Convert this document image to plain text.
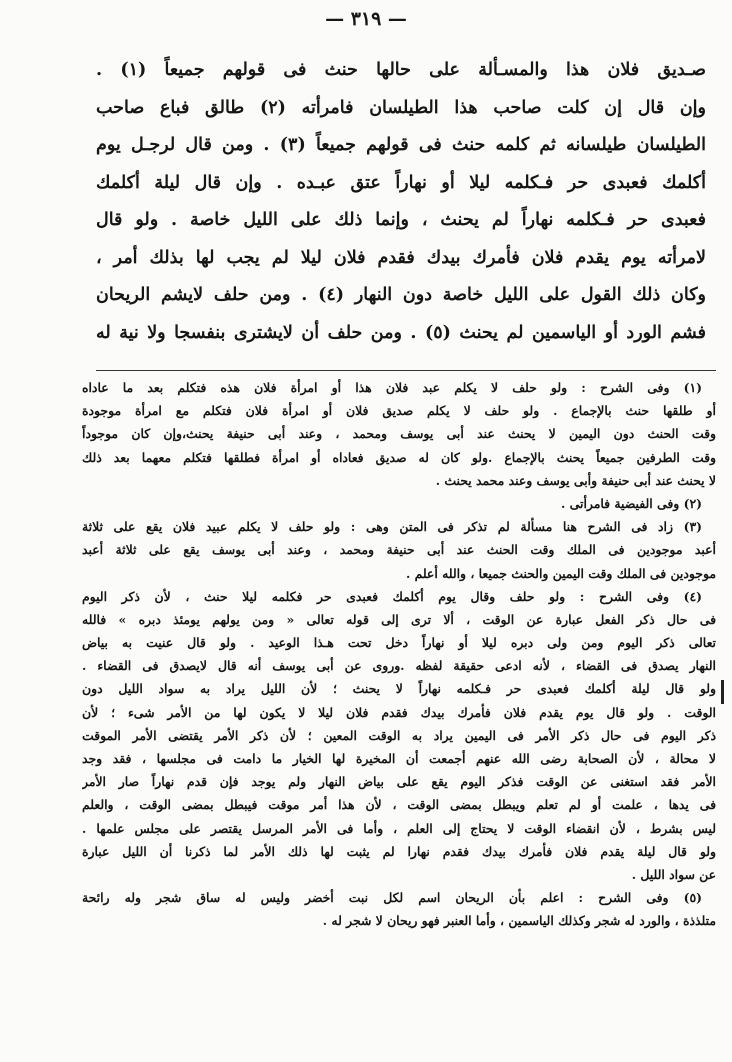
— ٣١٩ —
صـديق فلان هذا والمسـألة على حالها حنث فى قولهم جميعاً (١) .
وإن قال إن كلت صاحب هذا الطيلسان فامرأته (٢) طالق فباع صاحب
الطيلسان طيلسانه ثم كلمه حنث فى قولهم جميعاً (٣) . ومن قال لرجـل يوم
أكلمك فعبدى حر فـكلمه ليلا أو نهاراً عتق عبـده . وإن قال ليلة أكلمك
فعبدى حر فـكلمه نهاراً لم يحنث ، وإنما ذلك على الليل خاصة . ولو قال
لامرأته يوم يقدم فلان فأمرك بيدك فقدم فلان ليلا لم يجب لها بذلك أمر ،
وكان ذلك القول على الليل خاصة دون النهار (٤) . ومن حلف لايشم الريحان
فشم الورد أو الياسمين لم يحنث (٥) . ومن حلف أن لايشترى بنفسجا ولا نية له
(١) وفى الشرح : ولو حلف لا يكلم عبد فلان هذا أو امرأة فلان هذه فتكلم بعد ما عاداه
أو طلقها حنث بالإجماع . ولو حلف لا يكلم صديق فلان أو امرأة فلان فتكلم مع امرأة موجودة
وقت الحنث دون اليمين لا يحنث عند أبى يوسف ومحمد ، وعند أبى حنيفة يحنث،وإن كان موجوداً
وقت الطرفين جميعاً يحنث بالإجماع .ولو كان له صديق فعاداه أو امرأة فطلقها فتكلم معهما بعد ذلك
لا يحنث عند أبى حنيفة وأبى يوسف وعند محمد يحنث .
(٢) وفى الفيضية فامرأتى .
(٣) زاد فى الشرح هنا مسألة لم تذكر فى المتن وهى : ولو حلف لا يكلم عبيد فلان يقع على ثلاثة
أعبد موجودين فى الملك وقت الحنث عند أبى حنيفة ومحمد ، وعند أبى يوسف يقع على ثلاثة أعبد
موجودين فى الملك وقت اليمين والحنث جميعا ، والله أعلم .
(٤) وفى الشرح : ولو حلف وقال يوم أكلمك فعبدى حر فكلمه ليلا حنث ، لأن ذكر اليوم
فى حال ذكر الفعل عبارة عن الوقت ، ألا ترى إلى قوله تعالى « ومن يولهم يومئذ دبره » فالله
تعالى ذكر اليوم ومن ولى دبره ليلا أو نهاراً دخل تحت هـذا الوعيد . ولو قال عنيت به بياض
النهار يصدق فى القضاء ، لأنه ادعى حقيقة لفظه .وروى عن أبى يوسف أنه قال لايصدق فى القضاء .
ولو قال ليلة أكلمك فعبدى حر فـكلمه نهاراً لا يحنث ؛ لأن الليل يراد به سواد الليل دون
الوقت . ولو قال يوم يقدم فلان فأمرك بيدك فقدم فلان ليلا لا يكون لها من الأمر شىء ؛ لأن
ذكر اليوم فى حال ذكر الأمر فى اليمين يراد به الوقت المعين ؛ لأن ذكر الأمر يقتضى الأمر الموقت
لا محالة ، لأن الصحابة رضى الله عنهم أجمعت أن المخيرة لها الخيار ما دامت فى مجلسها ، فقد وجد
الأمر فقد استغنى عن الوقت فذكر اليوم يقع على بياض النهار ولم يوجد فإن قدم نهاراً صار الأمر
فى يدها ، علمت أو لم تعلم ويبطل بمضى الوقت ، لأن هذا أمر موقت فيبطل بمضى الوقت ، والعلم
ليس بشرط ، لأن انقضاء الوقت لا يحتاج إلى العلم ، وأما فى الأمر المرسل يقتصر على مجلس علمها .
ولو قال ليلة يقدم فلان فأمرك بيدك فقدم نهارا لم يثبت لها ذلك الأمر لما ذكرنا أن الليل عبارة
عن سواد الليل .
(٥) وفى الشرح : اعلم بأن الريحان اسم لكل نبت أخضر وليس له ساق شجر وله رائحة
متلذذة ، والورد له شجر وكذلك الياسمين ، وأما العنبر فهو ريحان لا شجر له .
